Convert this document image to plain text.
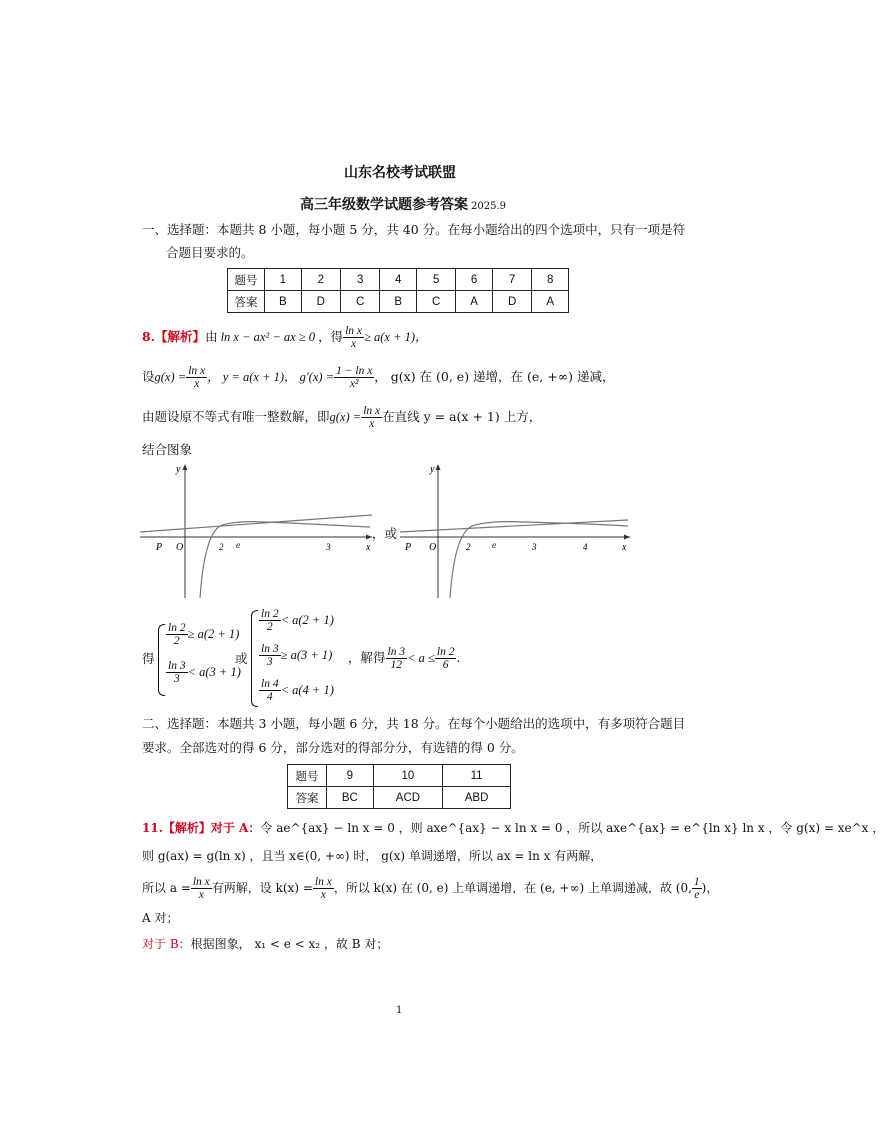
山东名校考试联盟
高三年级数学试题参考答案 2025.9
一、选择题：本题共 8 小题，每小题 5 分，共 40 分。在每小题给出的四个选项中，只有一项是符
合题目要求的。
题号	1	2	3	4	5	6	7	8
答案	B	D	C	B	C	A	D	A
8.【解析】 由 ln x − ax² − ax ≥ 0 ，得 $\frac{\text{ln x}}{x} \ge a(x + 1)$，
设 $g(x) = \frac{\text{ln x}}{x}$ ， y = a(x + 1)， $g'(x) = \frac{\text{1 − ln x}}{\text{x²}}$ ， g(x) 在 (0, e) 递增，在 (e, +∞) 递减，
由题设原不等式有唯一整数解，即 $g(x) = \frac{\text{ln x}}{x}$ 在直线 y = a(x + 1) 上方，
结合图象
y
x
P O	2 e	3
，或
y
x
P O	2 e	3	4
得
$\frac{\ln 2}{2} \ge a(2 + 1)$
$\frac{\ln 3}{3} < a(3 + 1)$
或
$\frac{\ln 2}{2} < a(2 + 1)$
$\frac{\ln 3}{3} \ge a(3 + 1)$
$\frac{\ln 4}{4} < a(4 + 1)$
，解得 $\frac{\ln 3}{12} < a \le \frac{\ln 2}{6}$ .
二、选择题：本题共 3 小题，每小题 6 分，共 18 分。在每个小题给出的选项中，有多项符合题目
要求。全部选对的得 6 分，部分选对的得部分分，有选错的得 0 分。
题号	9	10	11
答案	BC	ACD	ABD
11.【解析】对于 A：令 ae^{ax} − ln x = 0 ，则 axe^{ax} − x ln x = 0 ，所以 axe^{ax} = e^{ln x} ln x ，令 g(x) = xe^x ，
则 g(ax) = g(ln x) ，且当 x∈(0, +∞) 时， g(x) 单调递增，所以 ax = ln x 有两解，
所以 $a = \frac{\text{ln x}}{x}$ 有两解，设 $k(x) = \frac{\text{ln x}}{x}$ ，所以 k(x) 在 (0, e) 上单调递增，在 (e, +∞) 上单调递减，故 (0, $\frac{1}{e}$ )，
A 对；
对于 B：根据图象， x₁ < e < x₂ ，故 B 对；
1
